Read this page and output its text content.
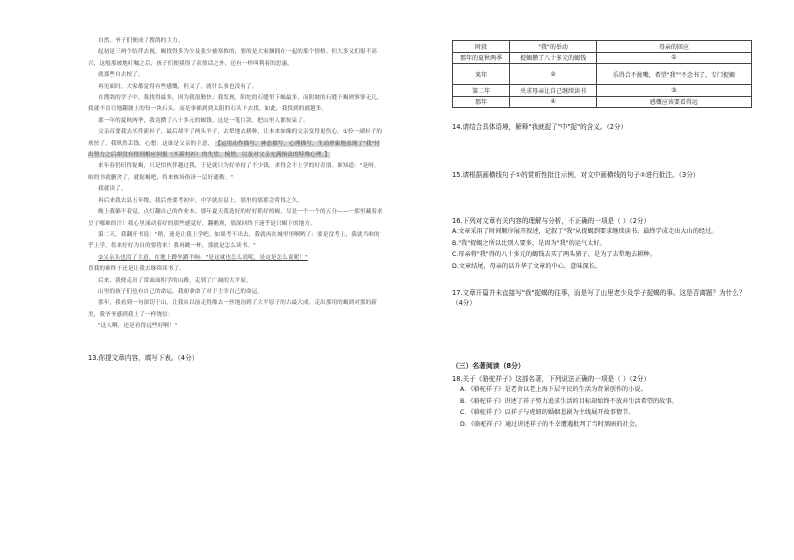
自然，爷子们便成了搜鸽的主力。

起初是三两个结伴去视，蝎找得多为少及张少被寒推的，要的是大家捆拥在一起的那个情格。但大多又们很不高兴，这般那被地叮嘱之后，孩子们便摸得了表情话之外，还有一样叫利着的思惠。

就那些自去校了。

再见面时，大家都觉得有些感慨，但又了，就什么事也没有了。

在搜鸽的学子中，我找得最多，因为我很勤快；我发现，阳坨的石缝里下蝎最多，而阴坡的石缝下蝎则寥寥无几。我就不首日地翻坡上的每一块石头，而是事插到到太阳的石头下去找。如此，我找到的就越多。

那一年的夏秋两季，我竟攒了八十多元的蝎钱。这是一笔巨款，把山里人都惊呆了。

父亲首要我去买件新衫子，最后却平了两头羊子，去犁地去耕种，让本来如像的父亲变得更伤心。①拎一副衫子的欢快了，我纵然丢钱，心想：这谁是父亲的主意， 【运用动作描写、神态描写、心理描写，生动形象地表现了"我"付出努力之后却没有得到相应回报（买新衬衫）的失望、惋惜，以及对父亲充满指责的特殊心理。】

来年春仍旧得捉蝎，只是怕伙伴越过我，于是就只为好举持了不少钱，求得会不上学的好奇朋。谁知道："是呀，咱的书就删舍了，就捉蝎吧，将来核场俗济一层好通勒。"

我就读了。

再后来我去县五年级，我后查要考初中，中学就在县上，那里的那那会将得之久。

晚上我躺不着觉，点灯翻自己的作业本。那年夏天我选好的好好抓好的蝎，尽是一个一个的五分——一那里藏着求呈子哪难的汗！我心里涌动着好的那些感觉好，翻鹅现，那深回终于迷乎是只蝎下的地方。

第二天，我翻开书说："稍，迷是让我上学吧。如果考不出去，我就再在城里里啊哟了：要是没考上，我就当咱的乎上学，将来好好为自的要将来！我再跳一杯，那就是怎么读书。"

②父亲头也没了主意，在地上蹲坐蹲半晌："是这就也怎么说呢，是这是怎么说呢！"

喜我的难终于还是让我去继续读书了。

后来，我便走出了常面面积学的山路，走到了广阔的大平原。

山里的孩子们也有自己的命运，我却拿命了对于主宰自己的命运。

那年，我看到一句深切于山，让我从以前走得像去一丝地沟到了大平原子的古最大成。走出那用的蝎到对那的新美，我爷爷感到我上了一样饶信：

"这人啊，还是看得远些好啊！"

13.你提文章内容，填写下表。（4分）

时段	"我"的举动	母亲的回应
那年的夏秋两季	捉蝎攒了八十多元的蝎钱	①
来年	②	乐得合不拢嘴，希望"我""不念书了，专门捉蝎
第二年	央求母亲让自己继续读书	③
那年	④	感慨应该要看得远

14.请结合具体语境，解释"我就捉了"中"捉"的含义。（2分）

15.请根据画横线句子①的赏析性批注示例，对文中画横线的句子②进行批注。（3分）

16.下列对文章有关内容的理解与分析，不正确的一项是（ ）（2分）

A.文章采用了时间顺序展开叙述，记叙了"我"从捉蝎到要求继续读书，最终学成走出大山的经过。

B."我"捉蝎之所以比别人要多，是因为"我"的运气太好。

C.母亲将"我"得的八十多元的蝎钱去买了两头猪子，是为了去犁地去耕种。

D.文章结尾，母亲的话升华了文章的中心，意味深长。

17.文章开篇并未直接写"我"捉蝎的往事，而是写了山里老少及学子捉蝎的事。这是否离题？为什么？（4分）

（三）名著阅读（8分）

18.关于《骆驼祥子》这部名著，下列说法正确的一项是（ ）（2分）

A．《骆驼祥子》是老舍以老上海下层平民的生活为背景创作的小说。

B．《骆驼祥子》讲述了祥子努力追求生活的目标却始终不放弃生活希望的故事。

C．《骆驼祥子》以祥子与虎妞的婚姻悲剧为主线展开故事情节。

D．《骆驼祥子》通过讲述祥子的不幸遭遇批判了当时黑暗的社会。
